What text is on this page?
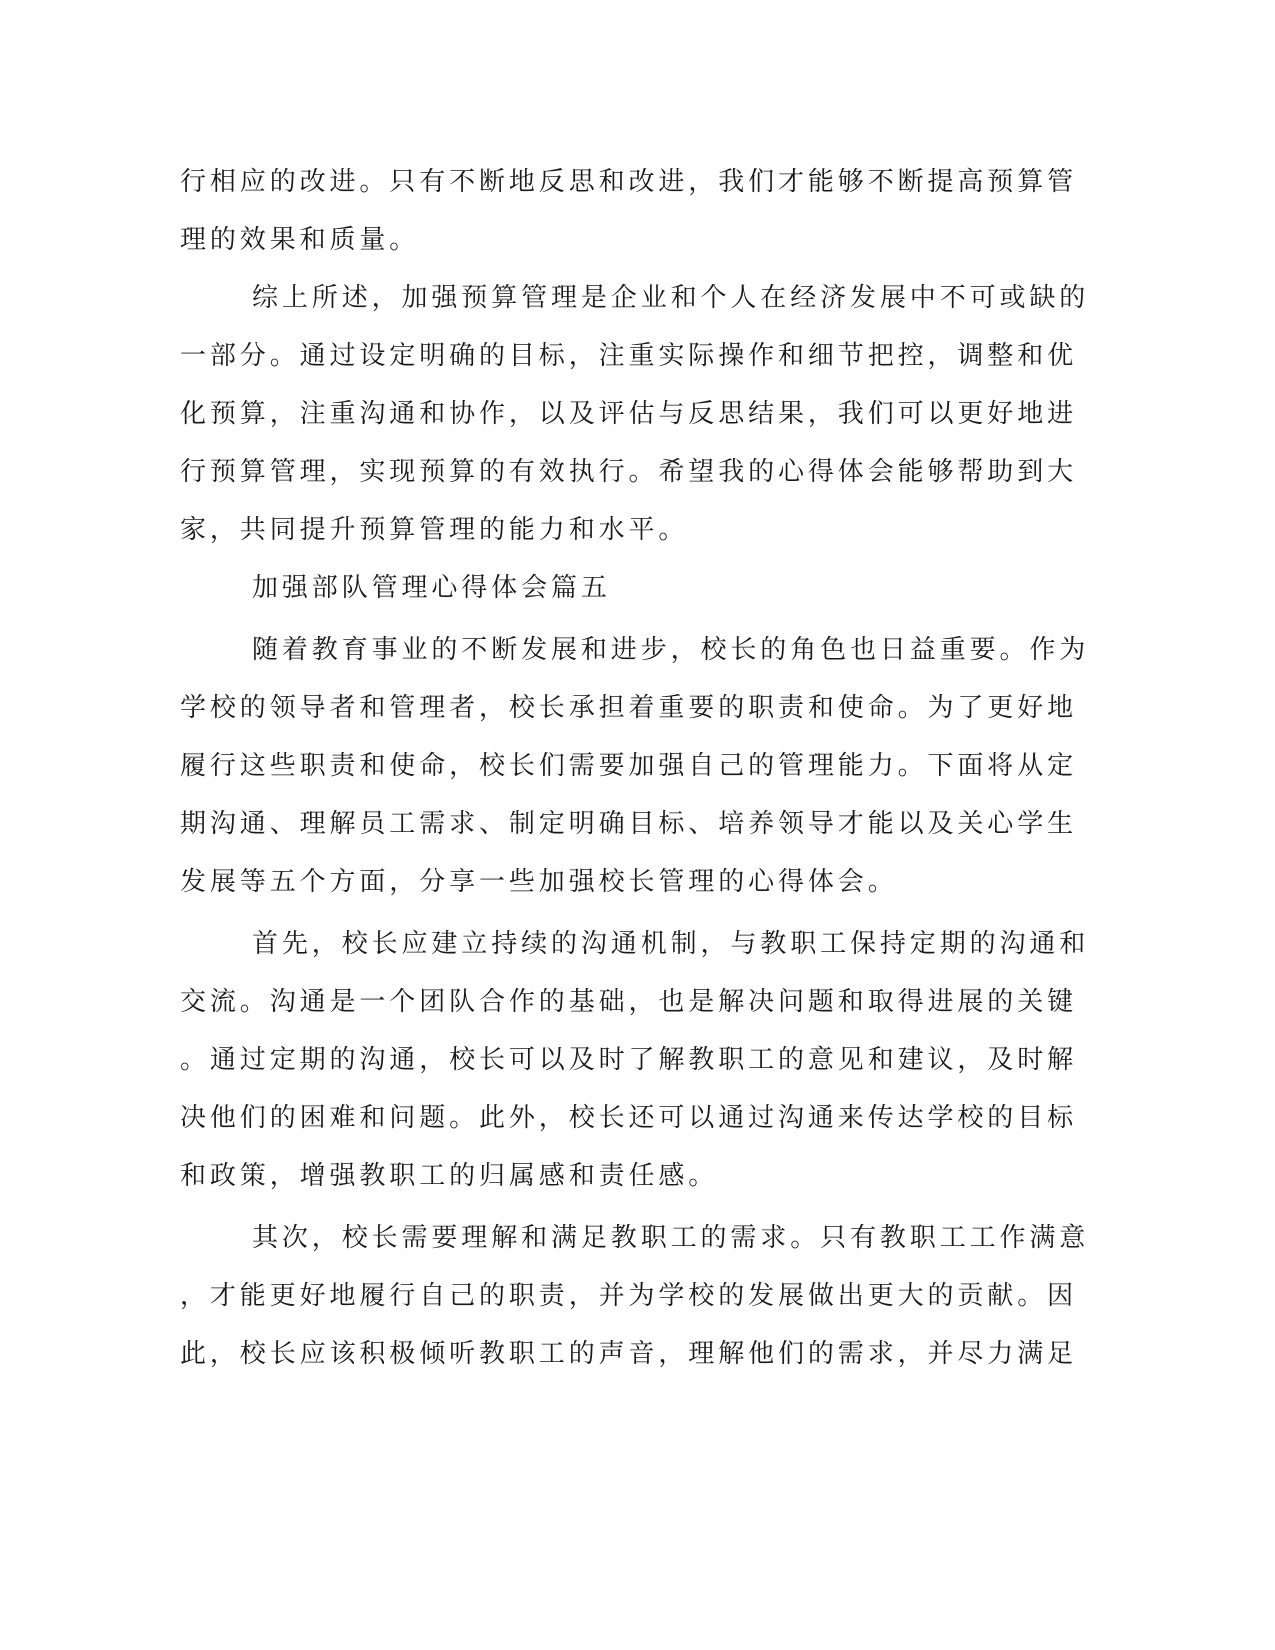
行相应的改进。只有不断地反思和改进，我们才能够不断提高预算管
理的效果和质量。
综上所述，加强预算管理是企业和个人在经济发展中不可或缺的
一部分。通过设定明确的目标，注重实际操作和细节把控，调整和优
化预算，注重沟通和协作，以及评估与反思结果，我们可以更好地进
行预算管理，实现预算的有效执行。希望我的心得体会能够帮助到大
家，共同提升预算管理的能力和水平。
加强部队管理心得体会篇五
随着教育事业的不断发展和进步，校长的角色也日益重要。作为
学校的领导者和管理者，校长承担着重要的职责和使命。为了更好地
履行这些职责和使命，校长们需要加强自己的管理能力。下面将从定
期沟通、理解员工需求、制定明确目标、培养领导才能以及关心学生
发展等五个方面，分享一些加强校长管理的心得体会。
首先，校长应建立持续的沟通机制，与教职工保持定期的沟通和
交流。沟通是一个团队合作的基础，也是解决问题和取得进展的关键
。通过定期的沟通，校长可以及时了解教职工的意见和建议，及时解
决他们的困难和问题。此外，校长还可以通过沟通来传达学校的目标
和政策，增强教职工的归属感和责任感。
其次，校长需要理解和满足教职工的需求。只有教职工工作满意
，才能更好地履行自己的职责，并为学校的发展做出更大的贡献。因
此，校长应该积极倾听教职工的声音，理解他们的需求，并尽力满足
